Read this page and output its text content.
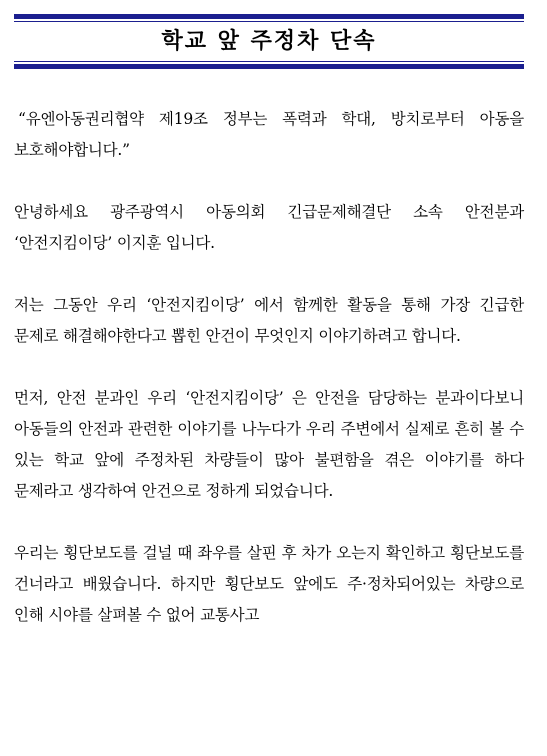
학교 앞 주정차 단속

“유엔아동권리협약 제19조 정부는 폭력과 학대, 방치로부터 아동을 보호해야합니다.”

안녕하세요 광주광역시 아동의회 긴급문제해결단 소속 안전분과 ‘안전지킴이당’ 이지훈 입니다.

저는 그동안 우리 ‘안전지킴이당’ 에서 함께한 활동을 통해 가장 긴급한 문제로 해결해야한다고 뽑힌 안건이 무엇인지 이야기하려고 합니다.

먼저, 안전 분과인 우리 ‘안전지킴이당’ 은 안전을 담당하는 분과이다보니 아동들의 안전과 관련한 이야기를 나누다가 우리 주변에서 실제로 흔히 볼 수 있는 학교 앞에 주정차된 차량들이 많아 불편함을 겪은 이야기를 하다 문제라고 생각하여 안건으로 정하게 되었습니다.

우리는 횡단보도를 걸널 때 좌우를 살핀 후 차가 오는지 확인하고 횡단보도를 건너라고 배웠습니다. 하지만 횡단보도 앞에도 주·정차되어있는 차량으로 인해 시야를 살펴볼 수 없어 교통사고
